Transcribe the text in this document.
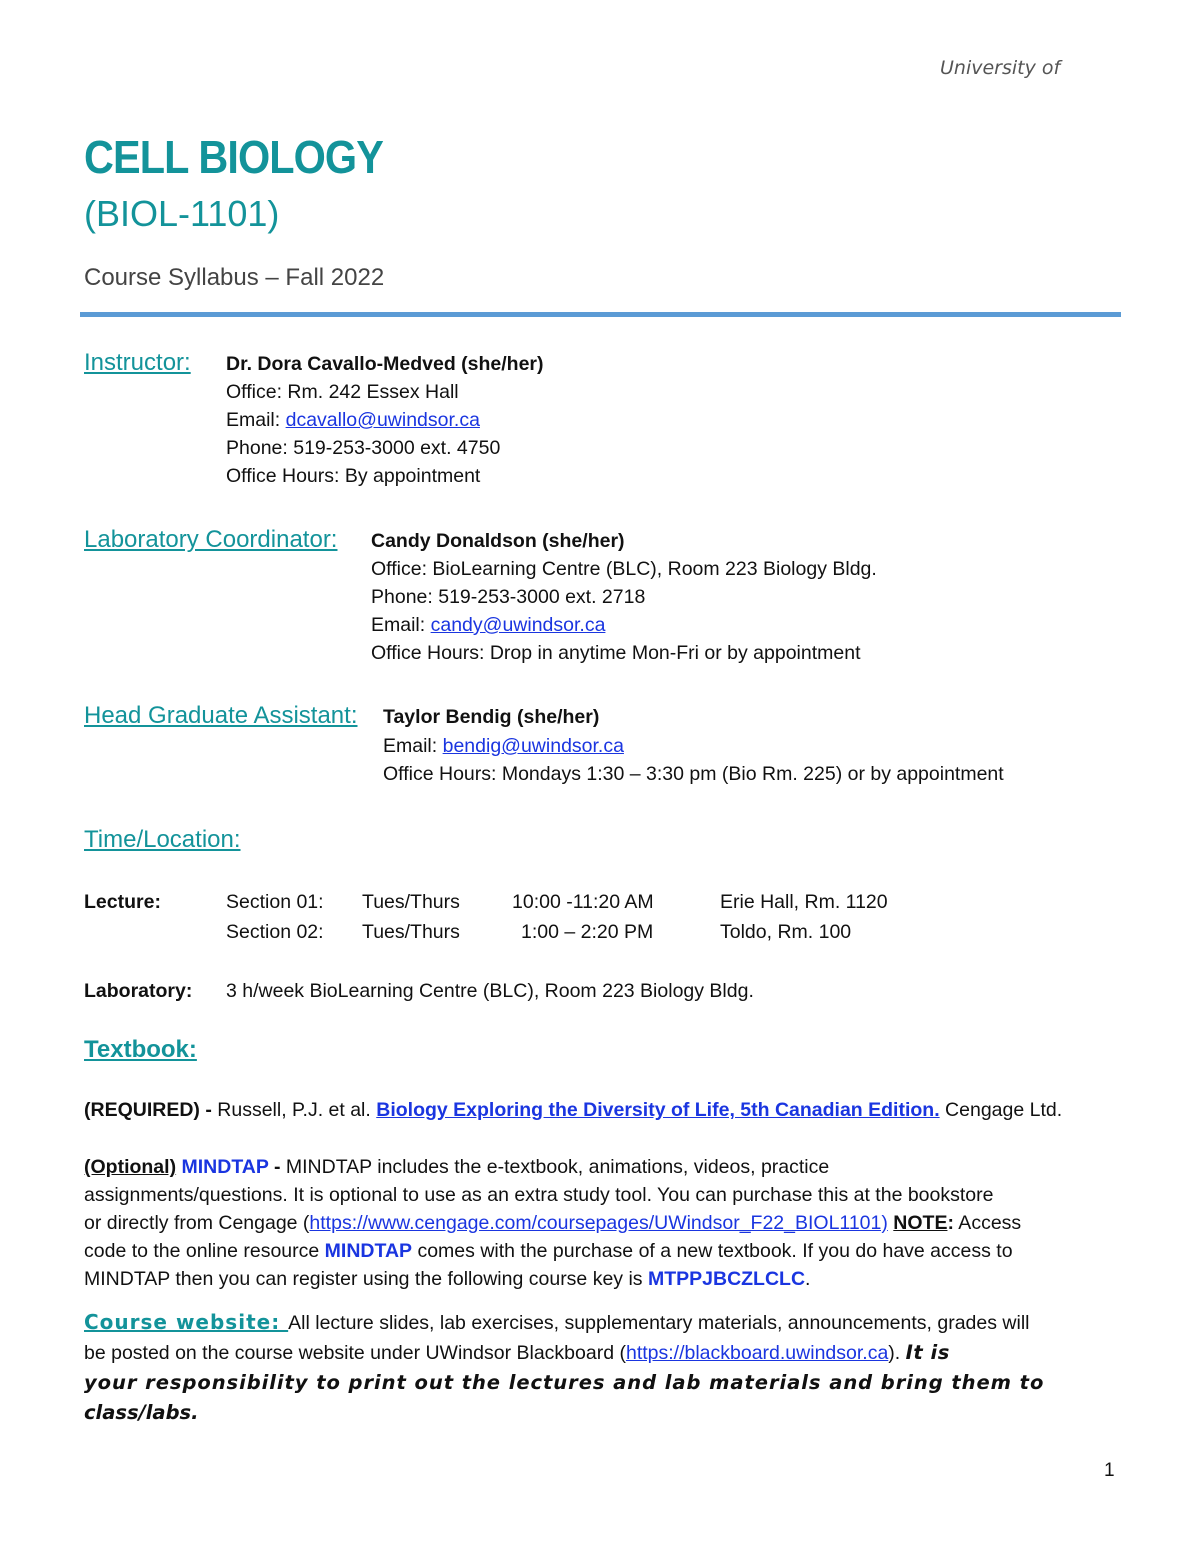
University of
CELL BIOLOGY
(BIOL-1101)
Course Syllabus – Fall 2022
Instructor: Dr. Dora Cavallo-Medved (she/her)
Office: Rm. 242 Essex Hall
Email: dcavallo@uwindsor.ca
Phone: 519-253-3000 ext. 4750
Office Hours: By appointment
Laboratory Coordinator: Candy Donaldson (she/her)
Office: BioLearning Centre (BLC), Room 223 Biology Bldg.
Phone: 519-253-3000 ext. 2718
Email: candy@uwindsor.ca
Office Hours: Drop in anytime Mon-Fri or by appointment
Head Graduate Assistant: Taylor Bendig (she/her)
Email: bendig@uwindsor.ca
Office Hours: Mondays 1:30 – 3:30 pm (Bio Rm. 225) or by appointment
Time/Location:
Lecture:	Section 01: Tues/Thurs	10:00 -11:20 AM	Erie Hall, Rm. 1120
Section 02: Tues/Thurs	1:00 – 2:20 PM	Toldo, Rm. 100
Laboratory: 3 h/week BioLearning Centre (BLC), Room 223 Biology Bldg.
Textbook:
(REQUIRED) - Russell, P.J. et al. Biology Exploring the Diversity of Life, 5th Canadian Edition. Cengage Ltd.
(Optional) MINDTAP - MINDTAP includes the e-textbook, animations, videos, practice
assignments/questions. It is optional to use as an extra study tool. You can purchase this at the bookstore
or directly from Cengage (https://www.cengage.com/coursepages/UWindsor_F22_BIOL1101) NOTE: Access
code to the online resource MINDTAP comes with the purchase of a new textbook. If you do have access to
MINDTAP then you can register using the following course key is MTPPJBCZLCLC.
Course website: All lecture slides, lab exercises, supplementary materials, announcements, grades will
be posted on the course website under UWindsor Blackboard (https://blackboard.uwindsor.ca). It is
your responsibility to print out the lectures and lab materials and bring them to
class/labs.
1
